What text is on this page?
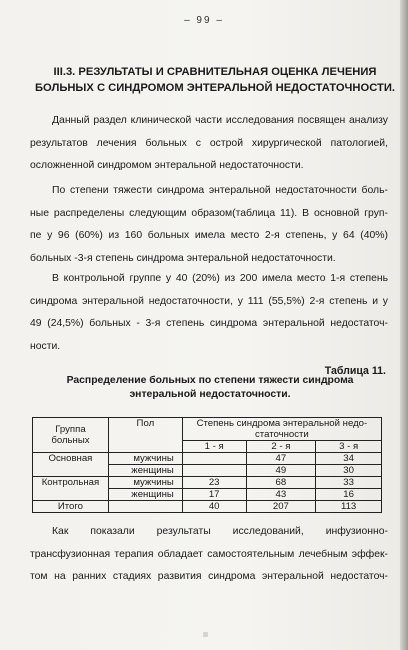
– 99 –
III.3. РЕЗУЛЬТАТЫ И СРАВНИТЕЛЬНАЯ ОЦЕНКА ЛЕЧЕНИЯ
БОЛЬНЫХ С СИНДРОМОМ ЭНТЕРАЛЬНОЙ НЕДОСТАТОЧНОСТИ.
Данный раздел клинической части исследования посвящен анализу
результатов лечения больных с острой хирургической патологией,
осложненной синдромом энтеральной недостаточности.
По степени тяжести синдрома энтеральной недостаточности боль-
ные распределены следующим образом(таблица 11). В основной груп-
пе у 96 (60%) из 160 больных имела место 2-я степень, у 64 (40%)
больных -3-я степень синдрома энтеральной недостаточности.
В контрольной группе у 40 (20%) из 200 имела место 1-я степень
синдрома энтеральной недостаточности, у 111 (55,5%) 2-я степень и у
49 (24,5%) больных - 3-я степень синдрома энтеральной недостаточ-
ности.
Таблица 11.
Распределение больных по степени тяжести синдрома
энтеральной недостаточности.
Группа больных	Пол	Степень синдрома энтеральной недо-статочности		
		1 - я	2 - я	3 - я
Основная	мужчины		47	34
	женщины		49	30
Контрольная	мужчины	23	68	33
	женщины	17	43	16
Итого		40	207	113
Как показали результаты исследований, инфузионно-
трансфузионная терапия обладает самостоятельным лечебным эффек-
том на ранних стадиях развития синдрома энтеральной недостаточ-
